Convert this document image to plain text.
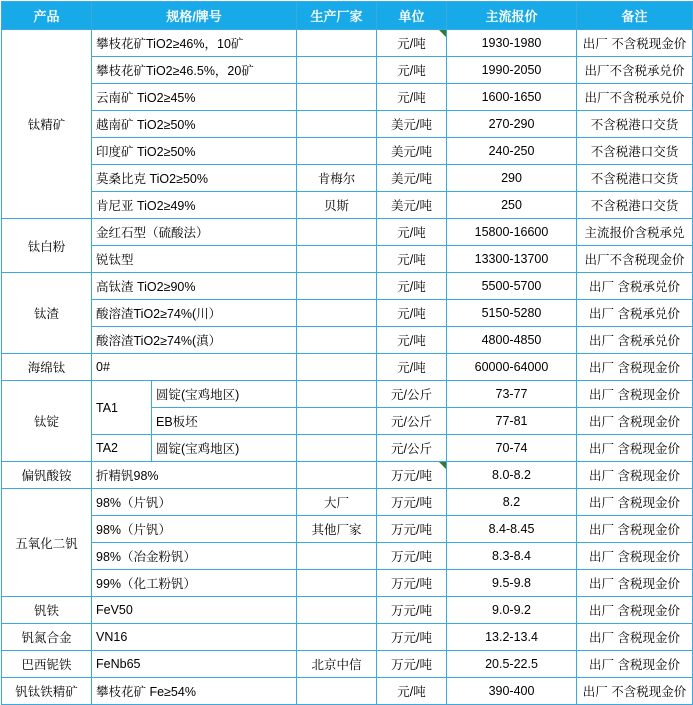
产品	规格/牌号		生产厂家	单位	主流报价	备注
钛精矿	攀枝花矿TiO2≥46%，10矿			元/吨	1930-1980	出厂 不含税现金价
	攀枝花矿TiO2≥46.5%，20矿			元/吨	1990-2050	出厂不含税承兑价
	云南矿 TiO2≥45%			元/吨	1600-1650	出厂不含税承兑价
	越南矿 TiO2≥50%			美元/吨	270-290	不含税港口交货
	印度矿 TiO2≥50%			美元/吨	240-250	不含税港口交货
	莫桑比克 TiO2≥50%		肯梅尔	美元/吨	290	不含税港口交货
	肯尼亚 TiO2≥49%		贝斯	美元/吨	250	不含税港口交货
钛白粉	金红石型（硫酸法）			元/吨	15800-16600	主流报价含税承兑
	锐钛型			元/吨	13300-13700	出厂不含税现金价
钛渣	高钛渣 TiO2≥90%			元/吨	5500-5700	出厂 含税承兑价
	酸溶渣TiO2≥74%(川）			元/吨	5150-5280	出厂 含税承兑价
	酸溶渣TiO2≥74%(滇）			元/吨	4800-4850	出厂 含税承兑价
海绵钛	0#			元/吨	60000-64000	出厂 含税现金价
钛锭	TA1	圆锭(宝鸡地区)		元/公斤	73-77	出厂 含税现金价
		EB板坯		元/公斤	77-81	出厂 含税现金价
	TA2	圆锭(宝鸡地区)		元/公斤	70-74	出厂 含税现金价
偏钒酸铵	折精钒98%			万元/吨	8.0-8.2	出厂 含税现金价
五氧化二钒	98%（片钒）		大厂	万元/吨	8.2	出厂 含税现金价
	98%（片钒）		其他厂家	万元/吨	8.4-8.45	出厂 含税现金价
	98%（冶金粉钒）			万元/吨	8.3-8.4	出厂 含税现金价
	99%（化工粉钒）			万元/吨	9.5-9.8	出厂 含税现金价
钒铁	FeV50			万元/吨	9.0-9.2	出厂 含税现金价
钒氮合金	VN16			万元/吨	13.2-13.4	出厂 含税现金价
巴西铌铁	FeNb65		北京中信	万元/吨	20.5-22.5	出厂 含税现金价
钒钛铁精矿	攀枝花矿 Fe≥54%			元/吨	390-400	出厂 不含税现金价
